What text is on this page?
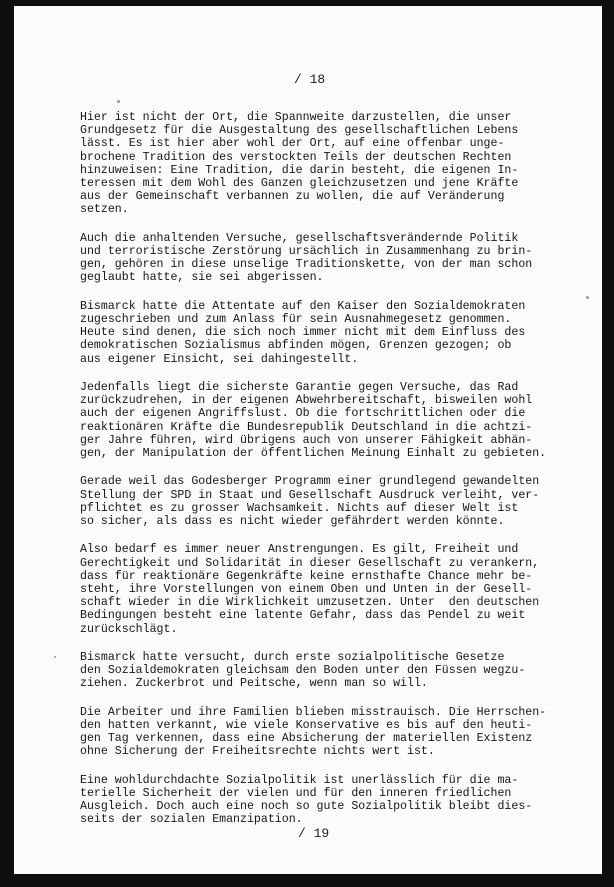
/ 18

Hier ist nicht der Ort, die Spannweite darzustellen, die unser
Grundgesetz für die Ausgestaltung des gesellschaftlichen Lebens
lässt. Es ist hier aber wohl der Ort, auf eine offenbar unge-
brochene Tradition des verstockten Teils der deutschen Rechten
hinzuweisen: Eine Tradition, die darin besteht, die eigenen In-
teressen mit dem Wohl des Ganzen gleichzusetzen und jene Kräfte
aus der Gemeinschaft verbannen zu wollen, die auf Veränderung
setzen.

Auch die anhaltenden Versuche, gesellschaftsverändernde Politik
und terroristische Zerstörung ursächlich in Zusammenhang zu brin-
gen, gehören in diese unselige Traditionskette, von der man schon
geglaubt hatte, sie sei abgerissen.

Bismarck hatte die Attentate auf den Kaiser den Sozialdemokraten
zugeschrieben und zum Anlass für sein Ausnahmegesetz genommen.
Heute sind denen, die sich noch immer nicht mit dem Einfluss des
demokratischen Sozialismus abfinden mögen, Grenzen gezogen; ob
aus eigener Einsicht, sei dahingestellt.

Jedenfalls liegt die sicherste Garantie gegen Versuche, das Rad
zurückzudrehen, in der eigenen Abwehrbereitschaft, bisweilen wohl
auch der eigenen Angriffslust. Ob die fortschrittlichen oder die
reaktionären Kräfte die Bundesrepublik Deutschland in die achtzi-
ger Jahre führen, wird übrigens auch von unserer Fähigkeit abhän-
gen, der Manipulation der öffentlichen Meinung Einhalt zu gebieten.

Gerade weil das Godesberger Programm einer grundlegend gewandelten
Stellung der SPD in Staat und Gesellschaft Ausdruck verleiht, ver-
pflichtet es zu grosser Wachsamkeit. Nichts auf dieser Welt ist
so sicher, als dass es nicht wieder gefährdert werden könnte.

Also bedarf es immer neuer Anstrengungen. Es gilt, Freiheit und
Gerechtigkeit und Solidarität in dieser Gesellschaft zu verankern,
dass für reaktionäre Gegenkräfte keine ernsthafte Chance mehr be-
steht, ihre Vorstellungen von einem Oben und Unten in der Gesell-
schaft wieder in die Wirklichkeit umzusetzen. Unter  den deutschen
Bedingungen besteht eine latente Gefahr, dass das Pendel zu weit
zurückschlägt.

Bismarck hatte versucht, durch erste sozialpolitische Gesetze
den Sozialdemokraten gleichsam den Boden unter den Füssen wegzu-
ziehen. Zuckerbrot und Peitsche, wenn man so will.

Die Arbeiter und ihre Familien blieben misstrauisch. Die Herrschen-
den hatten verkannt, wie viele Konservative es bis auf den heuti-
gen Tag verkennen, dass eine Absicherung der materiellen Existenz
ohne Sicherung der Freiheitsrechte nichts wert ist.

Eine wohldurchdachte Sozialpolitik ist unerlässlich für die ma-
terielle Sicherheit der vielen und für den inneren friedlichen
Ausgleich. Doch auch eine noch so gute Sozialpolitik bleibt dies-
seits der sozialen Emanzipation.

/ 19
